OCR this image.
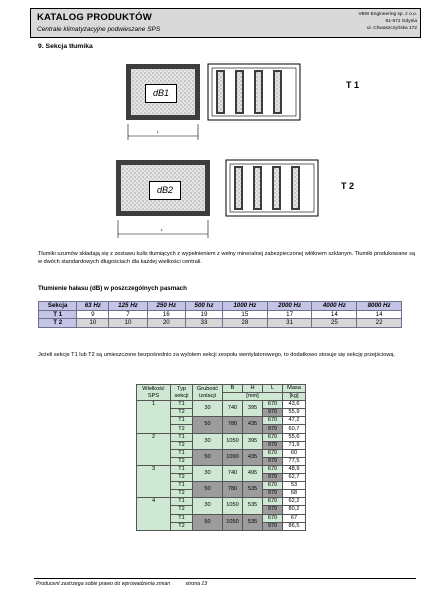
KATALOG PRODUKTÓW
Centrale klimatyzacyjne podwieszane SPS
VBW Engineering sp. z o.o.
81-571 Gdynia
ul. Chwaszczyńska 172
9. Sekcja tłumika
dB1
L
T 1
dB2
L
T 2
Tłumiki szumów składają się z zestawu kulis tłumiących z wypełnieniem z wełny mineralnej zabezpieczonej włóknem szklanym. Tłumiki produkowane są w dwóch standardowych długościach dla każdej wielkości centrali.
Tłumienie hałasu (dB) w poszczególnych pasmach
Sekcja	63 Hz	125 Hz	250 Hz	500 hz	1000 Hz	2000 Hz	4000 Hz	8000 Hz
T 1	9	7	16	19	15	17	14	14
T 2	10	10	20	33	28	31	25	22
Jeżeli sekcje T1 lub T2 są umieszczone bezpośrednio za wylotem sekcji zespołu wentylatorowego, to dodatkowo stosuje się sekcję przejściową.
Wielkość SPS	Typ sekcji	Grubość izolacji	B	H	L	Masa
			[mm]			[kg]
1	T1	30	740	395	670	43,6
	T2				970	55,9
	T1	50	780	435	670	47,2
	T2				970	60,7
2	T1	30	1050	395	670	55,6
	T2				970	71,9
	T1	50	1090	435	670	60
	T2				970	77,5
3	T1	30	740	495	670	48,9
	T2				970	62,7
	T1	50	780	535	670	53
	T2				970	68
4	T1	30	1050	535	670	62,2
	T2				970	80,2
	T1	50	1050	535	670	67
	T2				970	86,5
Producent zastrzega sobie prawo do wprowadzenia zmian	strona 13
